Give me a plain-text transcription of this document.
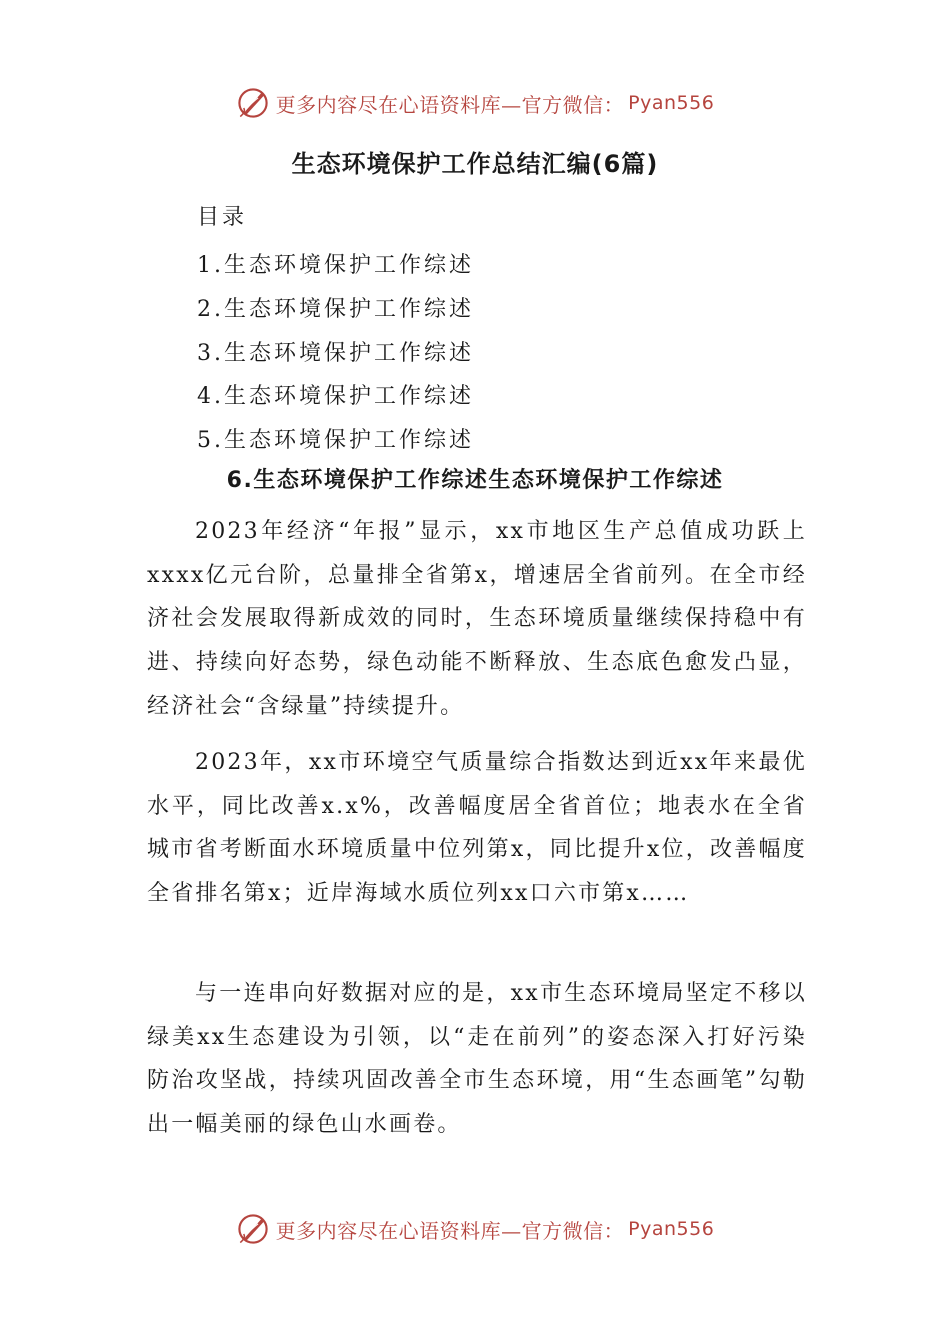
更多内容尽在心语资料库—官方微信： Pyan556
生态环境保护工作总结汇编(6篇)
目录
1.生态环境保护工作综述
2.生态环境保护工作综述
3.生态环境保护工作综述
4.生态环境保护工作综述
5.生态环境保护工作综述
6.生态环境保护工作综述生态环境保护工作综述

2023年经济“年报”显示，xx市地区生产总值成功跃上xxxx亿元台阶，总量排全省第x，增速居全省前列。在全市经济社会发展取得新成效的同时，生态环境质量继续保持稳中有进、持续向好态势，绿色动能不断释放、生态底色愈发凸显，经济社会“含绿量”持续提升。

2023年，xx市环境空气质量综合指数达到近xx年来最优水平，同比改善x.x%，改善幅度居全省首位；地表水在全省城市省考断面水环境质量中位列第x，同比提升x位，改善幅度全省排名第x；近岸海域水质位列xx口六市第x……

与一连串向好数据对应的是，xx市生态环境局坚定不移以绿美xx生态建设为引领，以“走在前列”的姿态深入打好污染防治攻坚战，持续巩固改善全市生态环境，用“生态画笔”勾勒出一幅美丽的绿色山水画卷。

更多内容尽在心语资料库—官方微信： Pyan556
